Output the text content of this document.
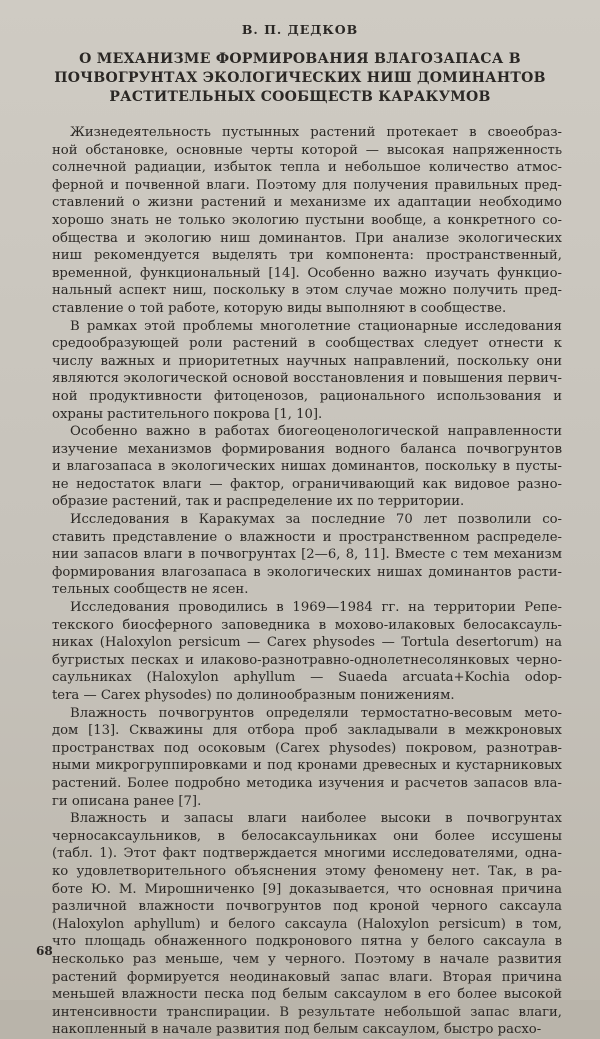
В. П. ДЕДКОВ
О МЕХАНИЗМЕ ФОРМИРОВАНИЯ ВЛАГОЗАПАСА В
ПОЧВОГРУНТАХ ЭКОЛОГИЧЕСКИХ НИШ ДОМИНАНТОВ
РАСТИТЕЛЬНЫХ СООБЩЕСТВ КАРАКУМОВ
Жизнедеятельность пустынных растений протекает в своеобраз-
ной обстановке, основные черты которой — высокая напряженность
солнечной радиации, избыток тепла и небольшое количество атмос-
ферной и почвенной влаги. Поэтому для получения правильных пред-
ставлений о жизни растений и механизме их адаптации необходимо
хорошо знать не только экологию пустыни вообще, а конкретного со-
общества и экологию ниш доминантов. При анализе экологических
ниш рекомендуется выделять три компонента: пространственный,
временной, функциональный [14]. Особенно важно изучать функцио-
нальный аспект ниш, поскольку в этом случае можно получить пред-
ставление о той работе, которую виды выполняют в сообществе.
В рамках этой проблемы многолетние стационарные исследования
средообразующей роли растений в сообществах следует отнести к
числу важных и приоритетных научных направлений, поскольку они
являются экологической основой восстановления и повышения первич-
ной продуктивности фитоценозов, рационального использования и
охраны растительного покрова [1, 10].
Особенно важно в работах биогеоценологической направленности
изучение механизмов формирования водного баланса почвогрунтов
и влагозапаса в экологических нишах доминантов, поскольку в пусты-
не недостаток влаги — фактор, ограничивающий как видовое разно-
образие растений, так и распределение их по территории.
Исследования в Каракумах за последние 70 лет позволили со-
ставить представление о влажности и пространственном распределе-
нии запасов влаги в почвогрунтах [2—6, 8, 11]. Вместе с тем механизм
формирования влагозапаса в экологических нишах доминантов расти-
тельных сообществ не ясен.
Исследования проводились в 1969—1984 гг. на территории Репе-
текского биосферного заповедника в моховo-илаковых белосаксауль-
никах (Haloxylon persicum — Carex physodes — Tortula desertorum) на
бугристых песках и илаково-разнотравно-однолетнесолянковых черно-
саульниках (Haloxylon aphyllum — Suaeda arcuata+Kochia odop-
tera — Carex physodes) по долинообразным понижениям.
Влажность почвогрунтов определяли термостатно-весовым мето-
дом [13]. Скважины для отбора проб закладывали в межкроновых
пространствах под осоковым (Carex physodes) покровом, разнотрав-
ными микрогруппировками и под кронами древесных и кустарниковых
растений. Более подробно методика изучения и расчетов запасов вла-
ги описана ранее [7].
Влажность и запасы влаги наиболее высоки в почвогрунтах
черносаксаульников, в белосаксаульниках они более иссушены
(табл. 1). Этот факт подтверждается многими исследователями, одна-
ко удовлетворительного объяснения этому феномену нет. Так, в ра-
боте Ю. М. Мирошниченко [9] доказывается, что основная причина
различной влажности почвогрунтов под кроной черного саксаула
(Haloxylon aphyllum) и белого саксаула (Haloxylon persicum) в том,
что площадь обнаженного подкронового пятна у белого саксаула в
несколько раз меньше, чем у черного. Поэтому в начале развития
растений формируется неодинаковый запас влаги. Вторая причина
меньшей влажности песка под белым саксаулом в его более высокой
интенсивности транспирации. В результате небольшой запас влаги,
накопленный в начале развития под белым саксаулом, быстро расхо-
68
